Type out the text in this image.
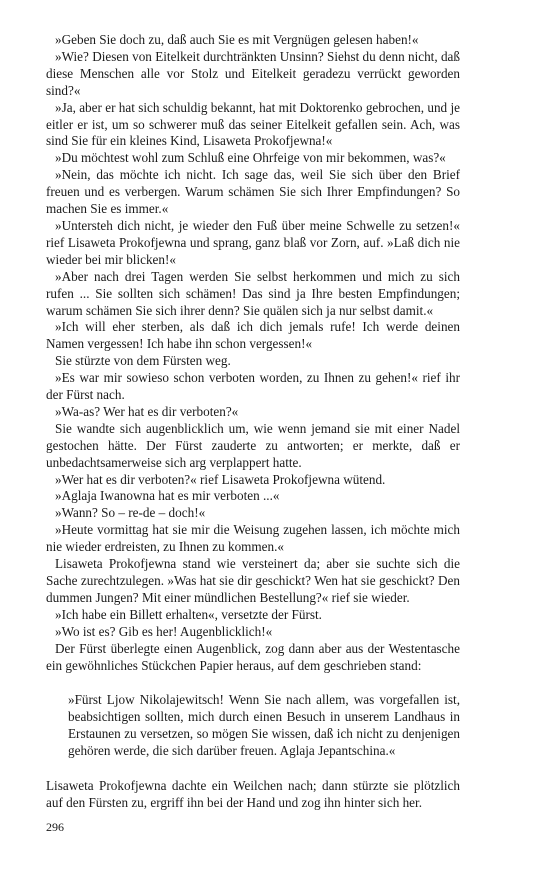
»Geben Sie doch zu, daß auch Sie es mit Vergnügen gelesen haben!«

»Wie? Diesen von Eitelkeit durchtränkten Unsinn? Siehst du denn nicht, daß diese Menschen alle vor Stolz und Eitelkeit geradezu verrückt geworden sind?«

»Ja, aber er hat sich schuldig bekannt, hat mit Doktorenko gebrochen, und je eitler er ist, um so schwerer muß das seiner Eitelkeit gefallen sein. Ach, was sind Sie für ein kleines Kind, Lisaweta Prokofjewna!«

»Du möchtest wohl zum Schluß eine Ohrfeige von mir bekommen, was?«

»Nein, das möchte ich nicht. Ich sage das, weil Sie sich über den Brief freuen und es verbergen. Warum schämen Sie sich Ihrer Empfindungen? So machen Sie es immer.«

»Untersteh dich nicht, je wieder den Fuß über meine Schwelle zu setzen!« rief Lisaweta Prokofjewna und sprang, ganz blaß vor Zorn, auf. »Laß dich nie wieder bei mir blicken!«

»Aber nach drei Tagen werden Sie selbst herkommen und mich zu sich rufen ... Sie sollten sich schämen! Das sind ja Ihre besten Empfindungen; warum schämen Sie sich ihrer denn? Sie quälen sich ja nur selbst damit.«

»Ich will eher sterben, als daß ich dich jemals rufe! Ich werde deinen Namen vergessen! Ich habe ihn schon vergessen!«

Sie stürzte von dem Fürsten weg.

»Es war mir sowieso schon verboten worden, zu Ihnen zu gehen!« rief ihr der Fürst nach.

»Wa-as? Wer hat es dir verboten?«

Sie wandte sich augenblicklich um, wie wenn jemand sie mit einer Nadel gestochen hätte. Der Fürst zauderte zu antworten; er merkte, daß er unbedachtsamerweise sich arg verplappert hatte.

»Wer hat es dir verboten?« rief Lisaweta Prokofjewna wütend.

»Aglaja Iwanowna hat es mir verboten ...«

»Wann? So – re-de – doch!«

»Heute vormittag hat sie mir die Weisung zugehen lassen, ich möchte mich nie wieder erdreisten, zu Ihnen zu kommen.«

Lisaweta Prokofjewna stand wie versteinert da; aber sie suchte sich die Sache zurechtzulegen. »Was hat sie dir geschickt? Wen hat sie geschickt? Den dummen Jungen? Mit einer mündlichen Bestellung?« rief sie wieder.

»Ich habe ein Billett erhalten«, versetzte der Fürst.

»Wo ist es? Gib es her! Augenblicklich!«

Der Fürst überlegte einen Augenblick, zog dann aber aus der Westentasche ein gewöhnliches Stückchen Papier heraus, auf dem geschrieben stand:

»Fürst Ljow Nikolajewitsch! Wenn Sie nach allem, was vorgefallen ist, beabsichtigen sollten, mich durch einen Besuch in unserem Landhaus in Erstaunen zu versetzen, so mögen Sie wissen, daß ich nicht zu denjenigen gehören werde, die sich darüber freuen. Aglaja Jepantschina.«

Lisaweta Prokofjewna dachte ein Weilchen nach; dann stürzte sie plötzlich auf den Fürsten zu, ergriff ihn bei der Hand und zog ihn hinter sich her.

296
